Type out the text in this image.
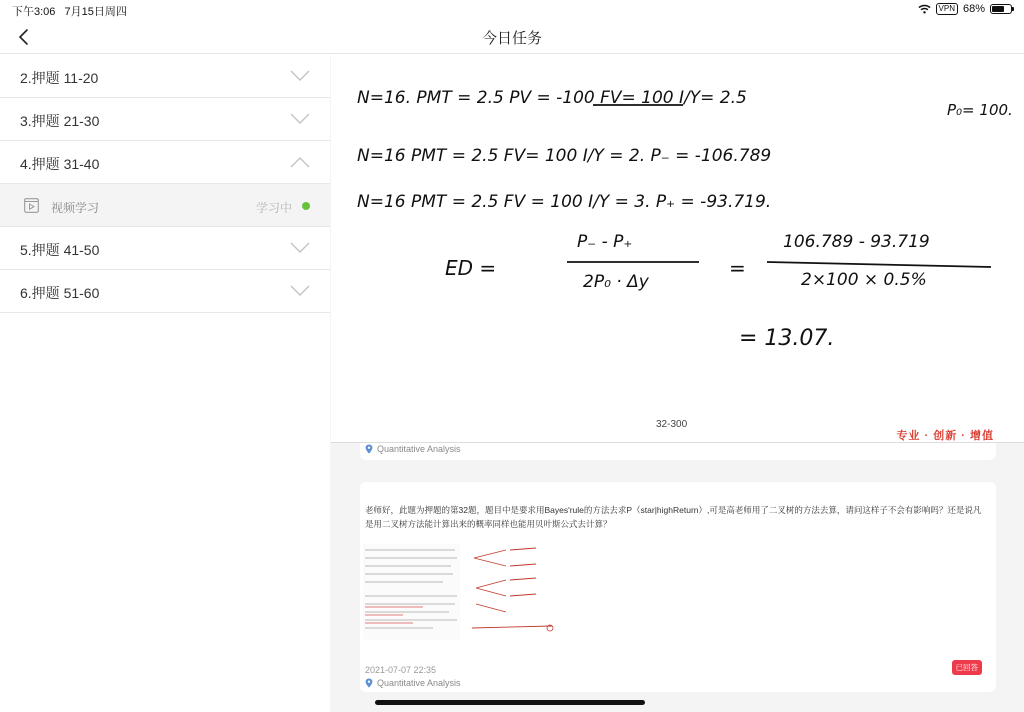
下午3:06 7月15日周四	VPN 68%
今日任务
2.押题 11-20
3.押题 21-30
4.押题 31-40
视频学习	学习中
5.押题 41-50
6.押题 51-60
N=16. PMT = 2.5 PV = -100 FV= 100 I/Y= 2.5
P₀= 100.
N=16 PMT = 2.5 FV= 100 I/Y = 2. P₋ = -106.789
N=16 PMT = 2.5 FV = 100 I/Y = 3. P₊ = -93.719.
ED =
P₋ - P₊
2P₀ · Δy
=
106.789 - 93.719
2×100 × 0.5%
= 13.07.
32-300
专业 · 创新 · 增值
Quantitative Analysis
老师好，此题为押题的第32题，题目中是要求用Bayes'rule的方法去求P（star|highReturn）,可是高老师用了二叉树的方法去算，请问这样子不会有影响吗？还是说凡是用二叉树方法能计算出来的概率同样也能用贝叶斯公式去计算？
2021-07-07 22:35	已回答
Quantitative Analysis
